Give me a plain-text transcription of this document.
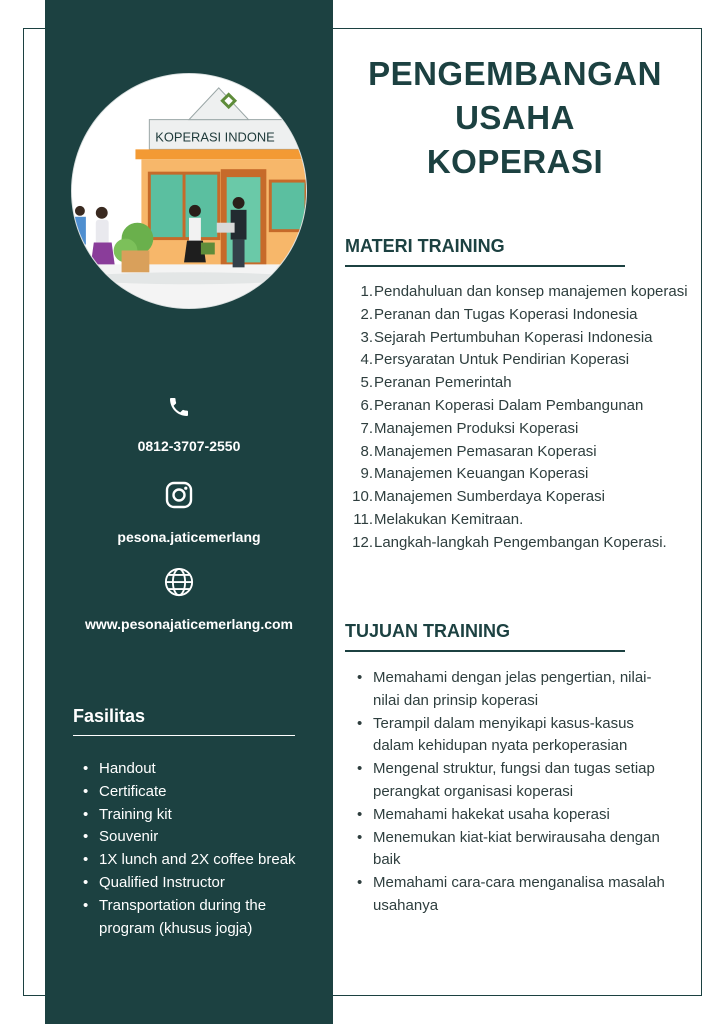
KOPERASI INDONE
0812-3707-2550
pesona.jaticemerlang
www.pesonajaticemerlang.com
Fasilitas
• Handout
• Certificate
• Training kit
• Souvenir
• 1X lunch and 2X coffee break
• Qualified Instructor
• Transportation during the program (khusus jogja)
PENGEMBANGAN
USAHA
KOPERASI
MATERI TRAINING
1. Pendahuluan dan konsep manajemen koperasi
2. Peranan dan Tugas Koperasi Indonesia
3. Sejarah Pertumbuhan Koperasi Indonesia
4. Persyaratan Untuk Pendirian Koperasi
5. Peranan Pemerintah
6. Peranan Koperasi Dalam Pembangunan
7. Manajemen Produksi Koperasi
8. Manajemen Pemasaran Koperasi
9. Manajemen Keuangan Koperasi
10. Manajemen Sumberdaya Koperasi
11. Melakukan Kemitraan.
12. Langkah-langkah Pengembangan Koperasi.
TUJUAN TRAINING
• Memahami dengan jelas pengertian, nilai-nilai dan prinsip koperasi
• Terampil dalam menyikapi kasus-kasus dalam kehidupan nyata perkoperasian
• Mengenal struktur, fungsi dan tugas setiap perangkat organisasi koperasi
• Memahami hakekat usaha koperasi
• Menemukan kiat-kiat berwirausaha dengan baik
• Memahami cara-cara menganalisa masalah usahanya
